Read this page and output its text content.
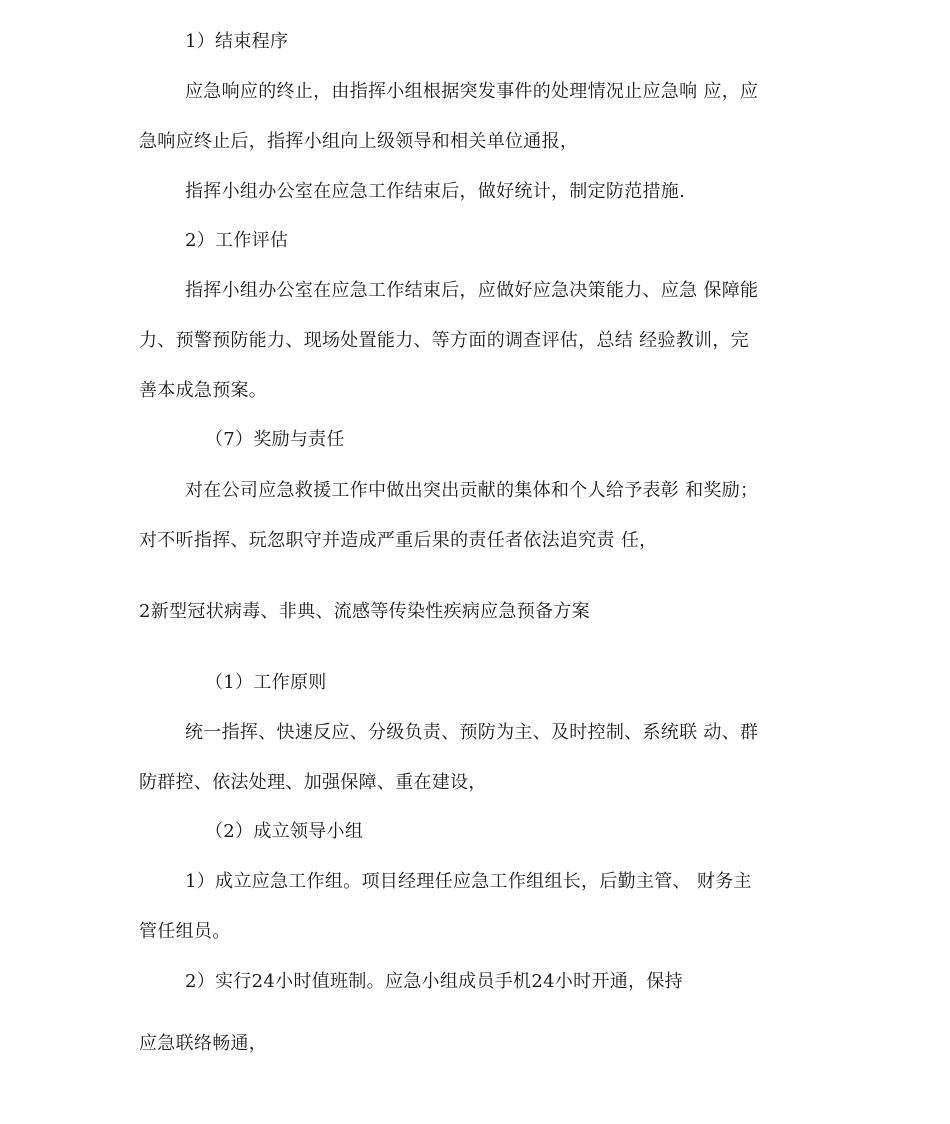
1）结束程序
应急响应的终止，由指挥小组根据突发事件的处理情况止应急响 应，应
急响应终止后，指挥小组向上级领导和相关单位通报，
指挥小组办公室在应急工作结束后，做好统计，制定防范措施.
2）工作评估
指挥小组办公室在应急工作结束后，应做好应急决策能力、应急 保障能
力、预警预防能力、现场处置能力、等方面的调查评估，总结 经验教训，完
善本成急预案。
（7）奖励与责任
对在公司应急救援工作中做出突出贡献的集体和个人给予表彰 和奖励；
对不听指挥、玩忽职守并造成严重后果的责任者依法追究责 任，
2新型冠状病毒、非典、流感等传染性疾病应急预备方案
（1）工作原则
统一指挥、快速反应、分级负责、预防为主、及时控制、系统联 动、群
防群控、依法处理、加强保障、重在建设，
（2）成立领导小组
1）成立应急工作组。项目经理任应急工作组组长，后勤主管、 财务主
管任组员。
2）实行24小时值班制。应急小组成员手机24小时开通，保持
应急联络畅通，
